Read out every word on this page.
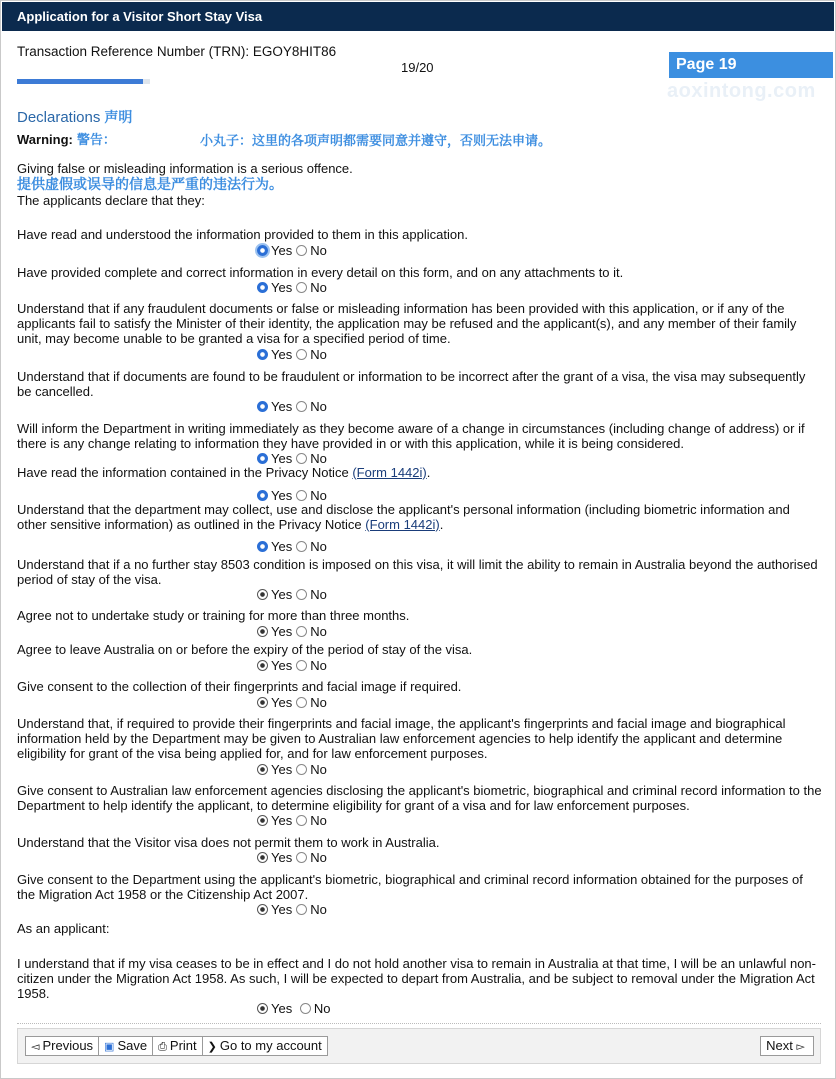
Application for a Visitor Short Stay Visa
Transaction Reference Number (TRN): EGOY8HIT86
19/20	Page 19
aoxintong.com
Declarations 声明
Warning: 警告：	小丸子：这里的各项声明都需要同意并遵守，否则无法申请。
Giving false or misleading information is a serious offence.
提供虚假或误导的信息是严重的违法行为。
The applicants declare that they:
Have read and understood the information provided to them in this application.
Yes No
Have provided complete and correct information in every detail on this form, and on any attachments to it.
Yes No
Understand that if any fraudulent documents or false or misleading information has been provided with this application, or if any of the applicants fail to satisfy the Minister of their identity, the application may be refused and the applicant(s), and any member of their family unit, may become unable to be granted a visa for a specified period of time.
Yes No
Understand that if documents are found to be fraudulent or information to be incorrect after the grant of a visa, the visa may subsequently be cancelled.
Yes No
Will inform the Department in writing immediately as they become aware of a change in circumstances (including change of address) or if there is any change relating to information they have provided in or with this application, while it is being considered.
Yes No
Have read the information contained in the Privacy Notice (Form 1442i).
Yes No
Understand that the department may collect, use and disclose the applicant's personal information (including biometric information and other sensitive information) as outlined in the Privacy Notice (Form 1442i).
Yes No
Understand that if a no further stay 8503 condition is imposed on this visa, it will limit the ability to remain in Australia beyond the authorised period of stay of the visa.
Yes No
Agree not to undertake study or training for more than three months.
Yes No
Agree to leave Australia on or before the expiry of the period of stay of the visa.
Yes No
Give consent to the collection of their fingerprints and facial image if required.
Yes No
Understand that, if required to provide their fingerprints and facial image, the applicant's fingerprints and facial image and biographical information held by the Department may be given to Australian law enforcement agencies to help identify the applicant and determine eligibility for grant of the visa being applied for, and for law enforcement purposes.
Yes No
Give consent to Australian law enforcement agencies disclosing the applicant's biometric, biographical and criminal record information to the Department to help identify the applicant, to determine eligibility for grant of a visa and for law enforcement purposes.
Yes No
Understand that the Visitor visa does not permit them to work in Australia.
Yes No
Give consent to the Department using the applicant's biometric, biographical and criminal record information obtained for the purposes of the Migration Act 1958 or the Citizenship Act 2007.
Yes No
As an applicant:
I understand that if my visa ceases to be in effect and I do not hold another visa to remain in Australia at that time, I will be an unlawful non-citizen under the Migration Act 1958. As such, I will be expected to depart from Australia, and be subject to removal under the Migration Act 1958.
Yes No
◅ Previous	▣ Save	⎙ Print	❯ Go to my account	Next ▻
